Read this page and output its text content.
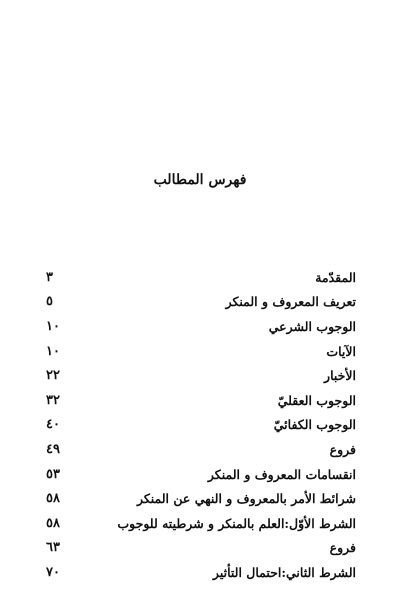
فهرس المطالب
المقدّمة
٣
تعريف المعروف و المنكر
٥
الوجوب الشرعي
١٠
الآيات
١٠
الأخبار
٢٢
الوجوب العقليّ
٣٢
الوجوب الكفائيّ
٤٠
فروع
٤٩
انقسامات المعروف و المنكر
٥٣
شرائط الأمر بالمعروف و النهي عن المنكر
٥٨
الشرط الأوّل:العلم بالمنكر و شرطيته للوجوب
٥٨
فروع
٦٣
الشرط الثاني:احتمال التأثير
٧٠
